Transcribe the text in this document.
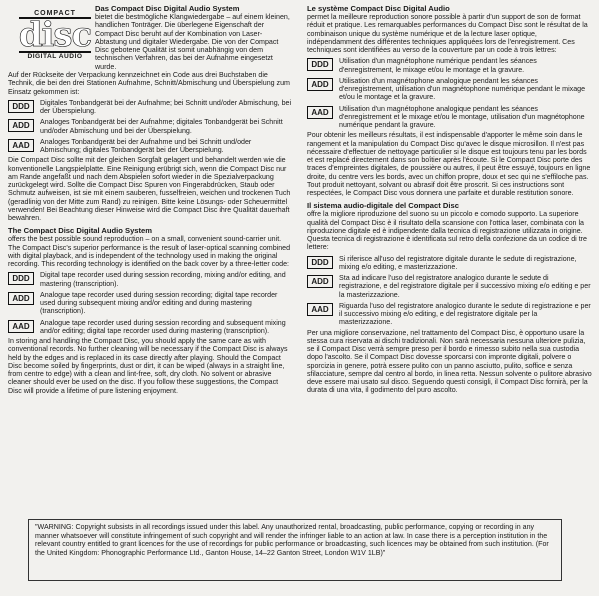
COMPACT
disc
DIGITAL AUDIO
Das Compact Disc Digital Audio System

bietet die bestmögliche Klangwiedergabe – auf einem kleinen, handlichen Tonträger. Die überlegene Eigenschaft der Compact Disc beruht auf der Kombination von Laser-Abtastung und digitaler Wiedergabe. Die von der Compact Disc gebotene Qualität ist somit unabhängig von dem technischen Verfahren, das bei der Aufnahme eingesetzt wurde.

Auf der Rückseite der Verpackung kennzeichnet ein Code aus drei Buchstaben die Technik, die bei den drei Stationen Aufnahme, Schnitt/Abmischung und Überspielung zum Einsatz gekommen ist:

DDD	Digitales Tonbandgerät bei der Aufnahme; bei Schnitt und/oder Abmischung, bei der Überspielung.
ADD	Analoges Tonbandgerät bei der Aufnahme; digitales Tonbandgerät bei Schnitt und/oder Abmischung und bei der Überspielung.
AAD	Analoges Tonbandgerät bei der Aufnahme und bei Schnitt und/oder Abmischung; digitales Tonbandgerät bei der Überspielung.

Die Compact Disc sollte mit der gleichen Sorgfalt gelagert und behandelt werden wie die konventionelle Langspielplatte. Eine Reinigung erübrigt sich, wenn die Compact Disc nur am Rande angefaßt und nach dem Abspielen sofort wieder in die Spezialverpackung zurückgelegt wird. Sollte die Compact Disc Spuren von Fingerabdrücken, Staub oder Schmutz aufweisen, ist sie mit einem sauberen, fusselfreien, weichen und trockenen Tuch (geradlinig von der Mitte zum Rand) zu reinigen. Bitte keine Lösungs- oder Scheuermittel verwenden! Bei Beachtung dieser Hinweise wird die Compact Disc ihre Qualität dauerhaft bewahren.

The Compact Disc Digital Audio System

offers the best possible sound reproduction – on a small, convenient sound-carrier unit. The Compact Disc's superior performance is the result of laser-optical scanning combined with digital playback, and is independent of the technology used in making the original recording. This recording technology is identified on the back cover by a three-letter code:

DDD	Digital tape recorder used during session recording, mixing and/or editing, and mastering (transcription).
ADD	Analogue tape recorder used during session recording; digital tape recorder used during subsequent mixing and/or editing and during mastering (transcription).
AAD	Analogue tape recorder used during session recording and subsequent mixing and/or editing; digital tape recorder used during mastering (transcription).

In storing and handling the Compact Disc, you should apply the same care as with conventional records. No further cleaning will be necessary if the Compact Disc is always held by the edges and is replaced in its case directly after playing. Should the Compact Disc become soiled by fingerprints, dust or dirt, it can be wiped (always in a straight line, from centre to edge) with a clean and lint-free, soft, dry cloth. No solvent or abrasive cleaner should ever be used on the disc. If you follow these suggestions, the Compact Disc will provide a lifetime of pure listening enjoyment.

Le système Compact Disc Digital Audio

permet la meilleure reproduction sonore possible à partir d'un support de son de format réduit et pratique. Les remarquables performances du Compact Disc sont le résultat de la combinaison unique du système numérique et de la lecture laser optique, indépendamment des différentes techniques appliquées lors de l'enregistrement. Ces techniques sont identifiées au verso de la couverture par un code à trois lettres:

DDD	Utilisation d'un magnétophone numérique pendant les séances d'enregistrement, le mixage et/ou le montage et la gravure.
ADD	Utilisation d'un magnétophone analogique pendant les séances d'enregistrement, utilisation d'un magnétophone numérique pendant le mixage et/ou le montage et la gravure.
AAD	Utilisation d'un magnétophone analogique pendant les séances d'enregistrement et le mixage et/ou le montage, utilisation d'un magnétophone numérique pendant la gravure.

Pour obtenir les meilleurs résultats, il est indispensable d'apporter le même soin dans le rangement et la manipulation du Compact Disc qu'avec le disque microsillon. Il n'est pas nécessaire d'effectuer de nettoyage particulier si le disque est toujours tenu par les bords et est replacé directement dans son boîtier après l'écoute. Si le Compact Disc porte des traces d'empreintes digitales, de poussière ou autres, il peut être essuyé, toujours en ligne droite, du centre vers les bords, avec un chiffon propre, doux et sec qui ne s'effiloche pas. Tout produit nettoyant, solvant ou abrasif doit être proscrit. Si ces instructions sont respectées, le Compact Disc vous donnera une parfaite et durable restitution sonore.

Il sistema audio-digitale del Compact Disc

offre la migliore riproduzione del suono su un piccolo e comodo supporto. La superiore qualità del Compact Disc è il risultato della scansione con l'ottica laser, combinata con la riproduzione digitale ed è indipendente dalla tecnica di registrazione utilizzata in origine. Questa tecnica di registrazione è identificata sul retro della confezione da un codice di tre lettere:

DDD	Si riferisce all'uso del registratore digitale durante le sedute di registrazione, mixing e/o editing, e masterizzazione.
ADD	Sta ad indicare l'uso del registratore analogico durante le sedute di registrazione, e del registratore digitale per il successivo mixing e/o editing e per la masterizzazione.
AAD	Riguarda l'uso del registratore analogico durante le sedute di registrazione e per il successivo mixing e/o editing, e del registratore digitale per la masterizzazione.

Per una migliore conservazione, nel trattamento del Compact Disc, è opportuno usare la stessa cura riservata ai dischi tradizionali. Non sarà necessaria nessuna ulteriore pulizia, se il Compact Disc verrà sempre preso per il bordo e rimesso subito nella sua custodia dopo l'ascolto. Se il Compact Disc dovesse sporcarsi con impronte digitali, polvere o sporcizia in genere, potrà essere pulito con un panno asciutto, pulito, soffice e senza sfilacciature, sempre dal centro al bordo, in linea retta. Nessun solvente o pulitore abrasivo deve essere mai usato sul disco. Seguendo questi consigli, il Compact Disc fornirà, per la durata di una vita, il godimento del puro ascolto.

"WARNING: Copyright subsists in all recordings issued under this label. Any unauthorized rental, broadcasting, public performance, copying or recording in any manner whatsoever will constitute infringement of such copyright and will render the infringer liable to an action at law. In case there is a perception institution in the relevant country entitled to grant licences for the use of recordings for public performance or broadcasting, such licences may be obtained from such institution. (For the United Kingdom: Phonographic Performance Ltd., Ganton House, 14–22 Ganton Street, London W1V 1LB)"
